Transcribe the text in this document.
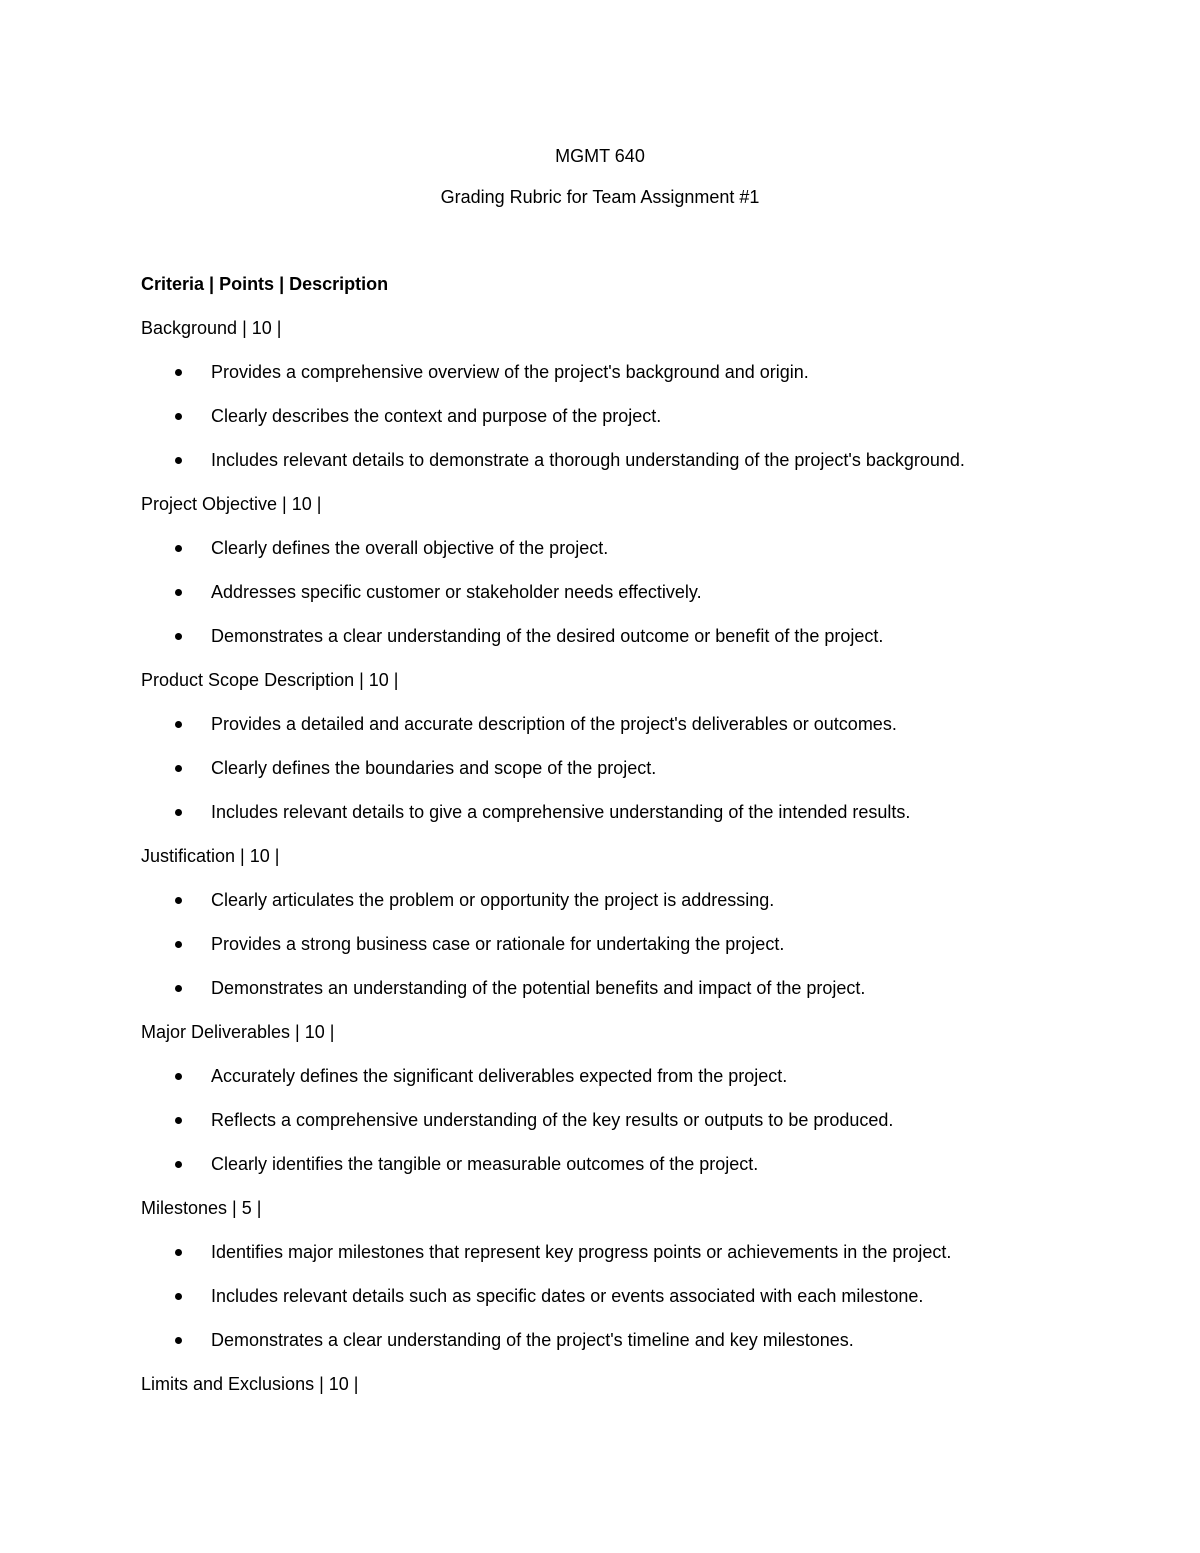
MGMT 640
Grading Rubric for Team Assignment #1
Criteria | Points | Description
Background | 10 |
Provides a comprehensive overview of the project's background and origin.
Clearly describes the context and purpose of the project.
Includes relevant details to demonstrate a thorough understanding of the project's background.
Project Objective | 10 |
Clearly defines the overall objective of the project.
Addresses specific customer or stakeholder needs effectively.
Demonstrates a clear understanding of the desired outcome or benefit of the project.
Product Scope Description | 10 |
Provides a detailed and accurate description of the project's deliverables or outcomes.
Clearly defines the boundaries and scope of the project.
Includes relevant details to give a comprehensive understanding of the intended results.
Justification | 10 |
Clearly articulates the problem or opportunity the project is addressing.
Provides a strong business case or rationale for undertaking the project.
Demonstrates an understanding of the potential benefits and impact of the project.
Major Deliverables | 10 |
Accurately defines the significant deliverables expected from the project.
Reflects a comprehensive understanding of the key results or outputs to be produced.
Clearly identifies the tangible or measurable outcomes of the project.
Milestones | 5 |
Identifies major milestones that represent key progress points or achievements in the project.
Includes relevant details such as specific dates or events associated with each milestone.
Demonstrates a clear understanding of the project's timeline and key milestones.
Limits and Exclusions | 10 |
